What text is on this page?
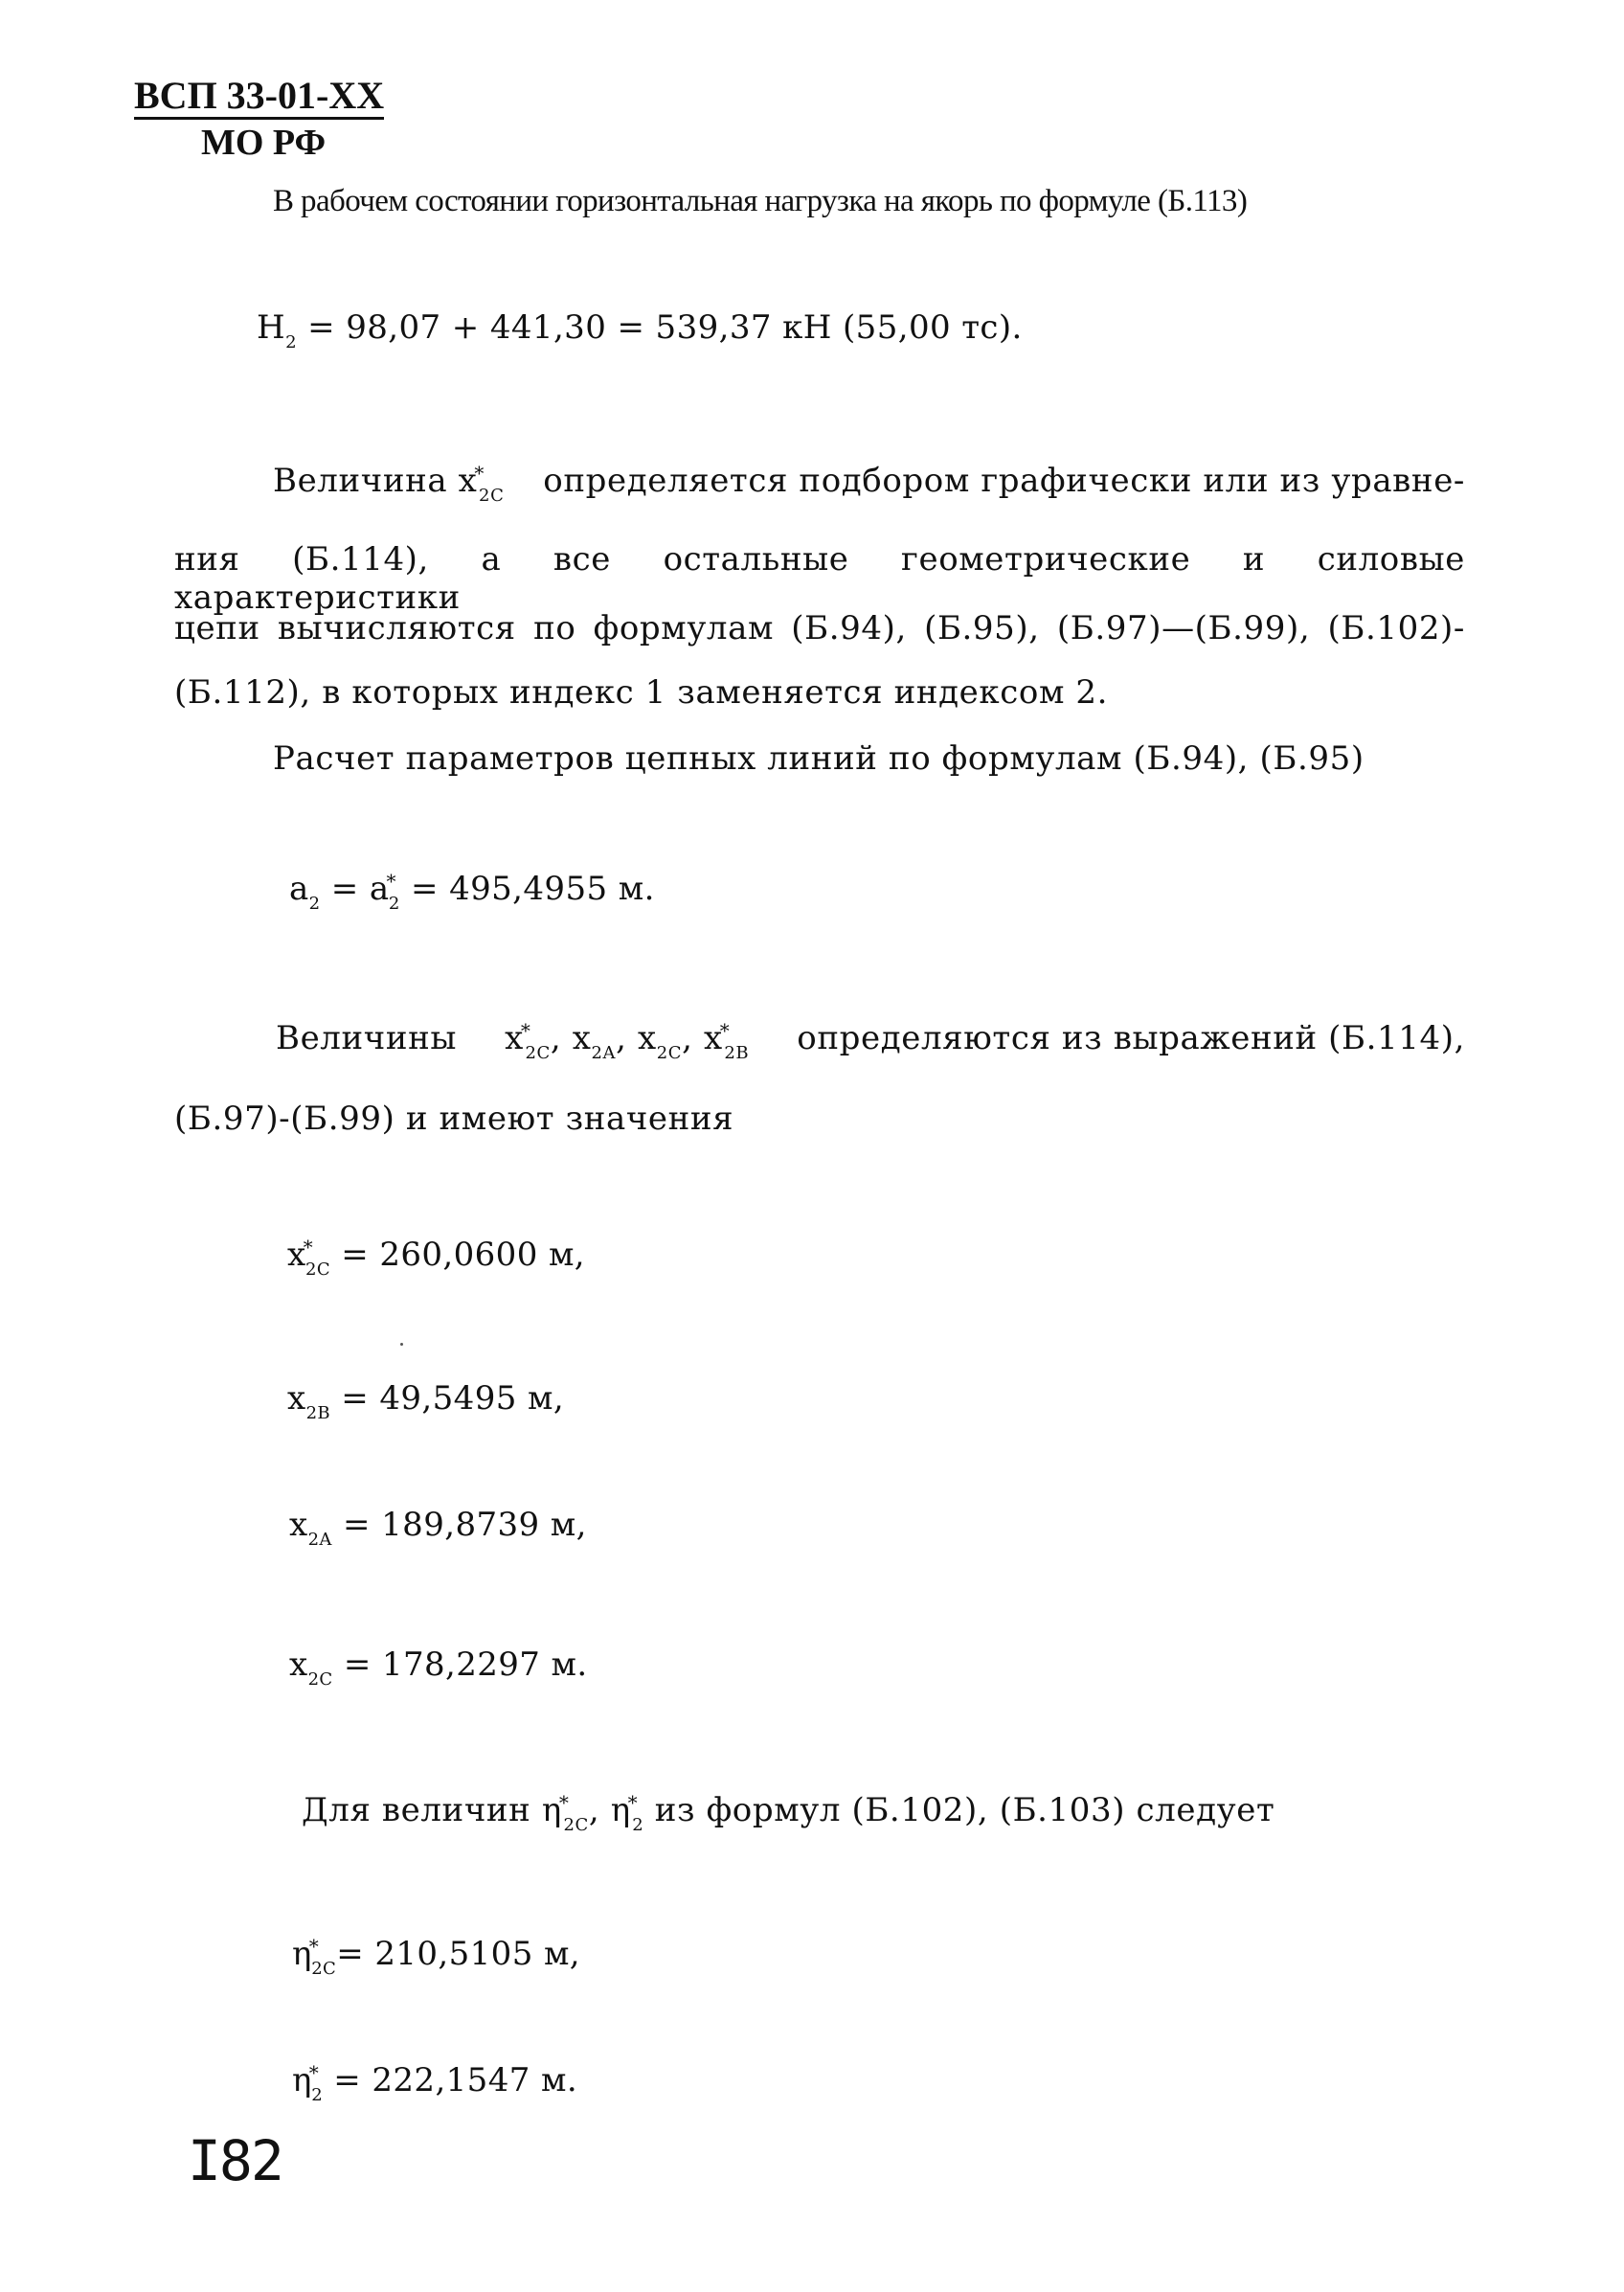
ВСП 33-01-XX
МО РФ
В рабочем состоянии горизонтальная нагрузка на якорь по формуле (Б.113)
$H_2 = 98,07 + 441,30 = 539,37$ кН (55,00 тс).
Величина $x^*_{2C}$ определяется подбором графически или из уравне-
ния (Б.114), а все остальные геометрические и силовые характеристики
цепи вычисляются по формулам (Б.94), (Б.95), (Б.97)—(Б.99), (Б.102)-
(Б.112), в которых индекс 1 заменяется индексом 2.
Расчет параметров цепных линий по формулам (Б.94), (Б.95)
$a_2 = a^*_2 = 495,4955$ м.
Величины $x^*_{2C}$, $x_{2A}$, $x_{2C}$, $x^*_{2B}$ определяются из выражений (Б.114),
(Б.97)-(Б.99) и имеют значения
$x^*_{2C} = 260,0600$ м,
$x_{2B} = 49,5495$ м,
$x_{2A} = 189,8739$ м,
$x_{2C} = 178,2297$ м.
Для величин $\eta^*_{2C}$, $\eta^*_2$ из формул (Б.102), (Б.103) следует
$\eta^*_{2C}= 210,5105$ м,
$\eta^*_2 = 222,1547$ м.
I82
